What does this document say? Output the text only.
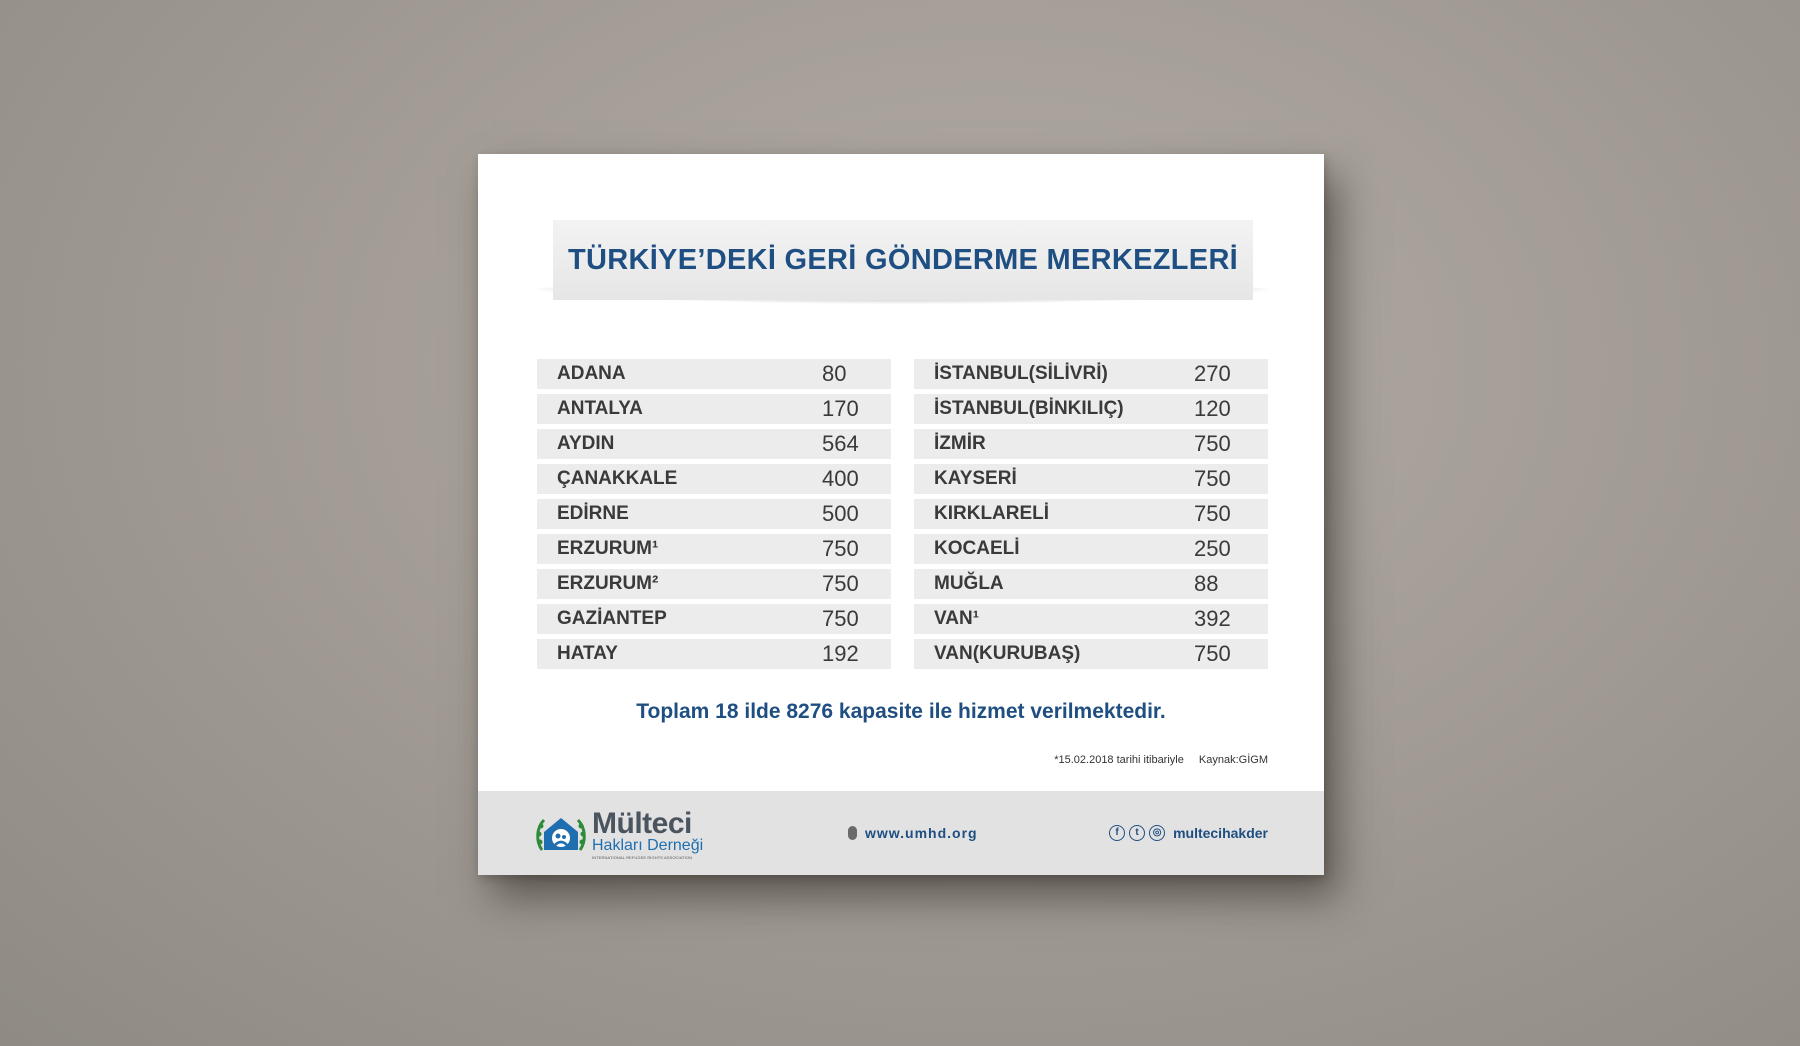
TÜRKİYE’DEKİ GERİ GÖNDERME MERKEZLERİ
ADANA	80
ANTALYA	170
AYDIN	564
ÇANAKKALE	400
EDİRNE	500
ERZURUM¹	750
ERZURUM²	750
GAZİANTEP	750
HATAY	192
İSTANBUL(SİLİVRİ)	270
İSTANBUL(BİNKILIÇ)	120
İZMİR	750
KAYSERİ	750
KIRKLARELİ	750
KOCAELİ	250
MUĞLA	88
VAN¹	392
VAN(KURUBAŞ)	750
Toplam 18 ilde 8276 kapasite ile hizmet verilmektedir.
*15.02.2018 tarihi itibariyle Kaynak:GİGM
Mülteci
Hakları Derneği
INTERNATIONAL REFUGEE RIGHTS ASSOCIATION
www.umhd.org	f	t	◎ multecihakder
